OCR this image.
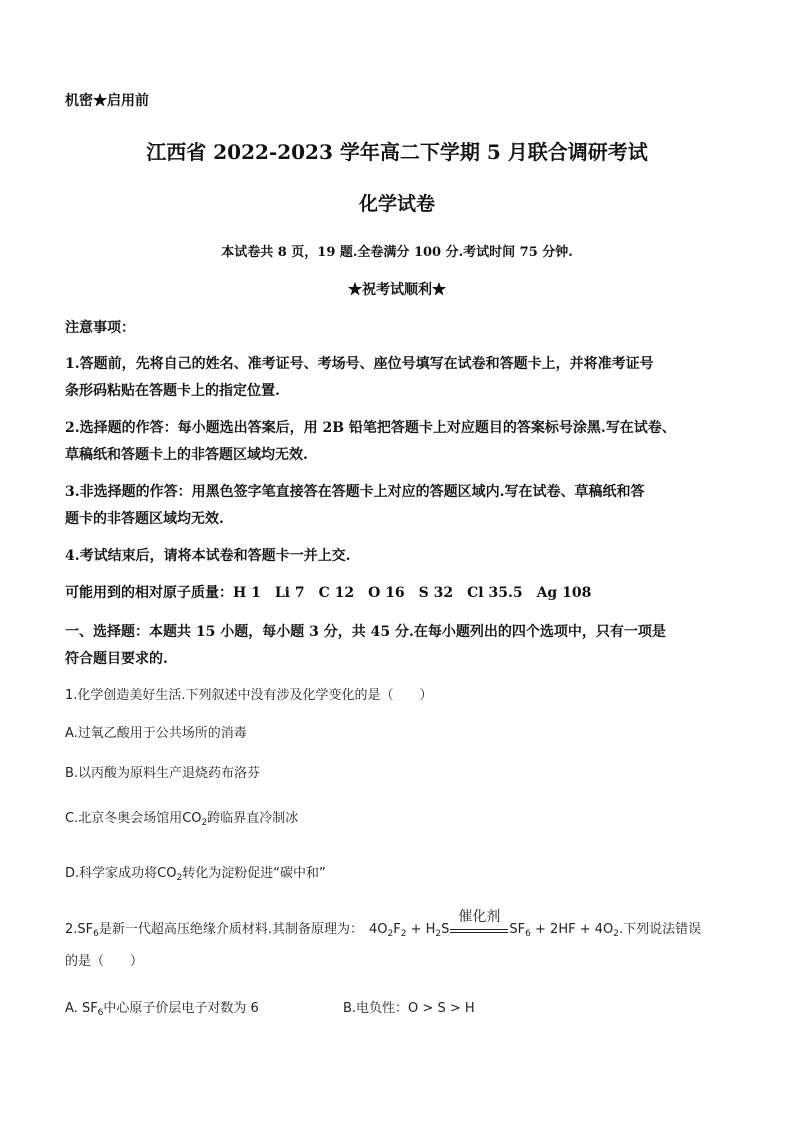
机密★启用前
江西省 2022-2023 学年高二下学期 5 月联合调研考试
化学试卷
本试卷共 8 页，19 题.全卷满分 100 分.考试时间 75 分钟.
★祝考试顺利★
注意事项：
1.答题前，先将自己的姓名、准考证号、考场号、座位号填写在试卷和答题卡上，并将准考证号
条形码粘贴在答题卡上的指定位置.
2.选择题的作答：每小题选出答案后，用 2B 铅笔把答题卡上对应题目的答案标号涂黑.写在试卷、
草稿纸和答题卡上的非答题区域均无效.
3.非选择题的作答：用黑色签字笔直接答在答题卡上对应的答题区域内.写在试卷、草稿纸和答
题卡的非答题区域均无效.
4.考试结束后，请将本试卷和答题卡一并上交.
可能用到的相对原子质量：H 1　Li 7　C 12　O 16　S 32　Cl 35.5　Ag 108
一、选择题：本题共 15 小题，每小题 3 分，共 45 分.在每小题列出的四个选项中，只有一项是
符合题目要求的.
1.化学创造美好生活.下列叙述中没有涉及化学变化的是（　　）
A.过氧乙酸用于公共场所的消毒
B.以丙酸为原料生产退烧药布洛芬
C.北京冬奥会场馆用$CO_2$跨临界直冷制冰
D.科学家成功将$CO_2$转化为淀粉促进“碳中和”
$2.SF_6$是新一代超高压绝缘介质材料.其制备原理为： $4O_2F_2 + H_2S$
催化剂
$SF_6 + 2HF + 4O_2$.下列说法错误
的是（　　）
A. $SF_6$中心原子价层电子对数为 6	B.电负性：O > S > H
